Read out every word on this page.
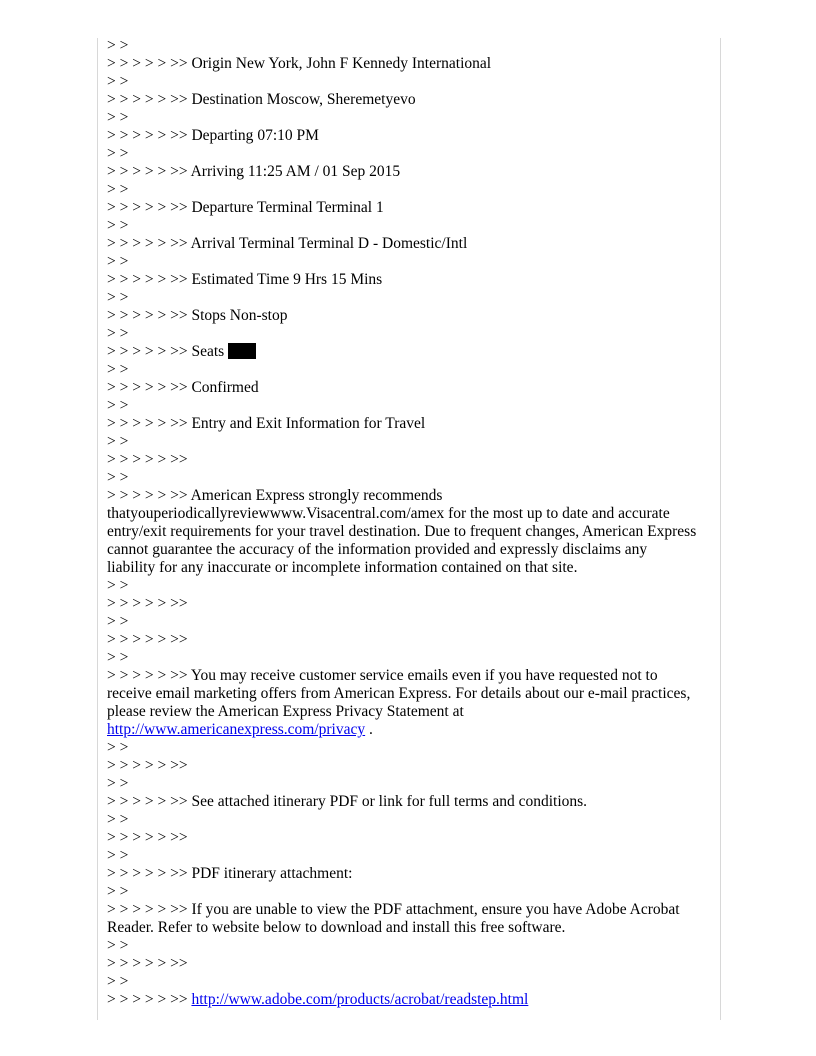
> >
> > > > > >> Origin New York, John F Kennedy International
> >
> > > > > >> Destination Moscow, Sheremetyevo
> >
> > > > > >> Departing 07:10 PM
> >
> > > > > >> Arriving 11:25 AM / 01 Sep 2015
> >
> > > > > >> Departure Terminal Terminal 1
> >
> > > > > >> Arrival Terminal Terminal D - Domestic/Intl
> >
> > > > > >> Estimated Time 9 Hrs 15 Mins
> >
> > > > > >> Stops Non-stop
> >
> > > > > >> Seats
> >
> > > > > >> Confirmed
> >
> > > > > >> Entry and Exit Information for Travel
> >
> > > > > >>
> >
> > > > > >> American Express strongly recommends
thatyouperiodicallyreviewwww.Visacentral.com/amex for the most up to date and accurate entry/exit requirements for your travel destination. Due to frequent changes, American Express cannot guarantee the accuracy of the information provided and expressly disclaims any liability for any inaccurate or incomplete information contained on that site.
> >
> > > > > >>
> >
> > > > > >>
> >
> > > > > >> You may receive customer service emails even if you have requested not to receive email marketing offers from American Express. For details about our e-mail practices, please review the American Express Privacy Statement at http://www.americanexpress.com/privacy .
> >
> > > > > >>
> >
> > > > > >> See attached itinerary PDF or link for full terms and conditions.
> >
> > > > > >>
> >
> > > > > >> PDF itinerary attachment:
> >
> > > > > >> If you are unable to view the PDF attachment, ensure you have Adobe Acrobat Reader. Refer to website below to download and install this free software.
> >
> > > > > >>
> >
> > > > > >> http://www.adobe.com/products/acrobat/readstep.html
